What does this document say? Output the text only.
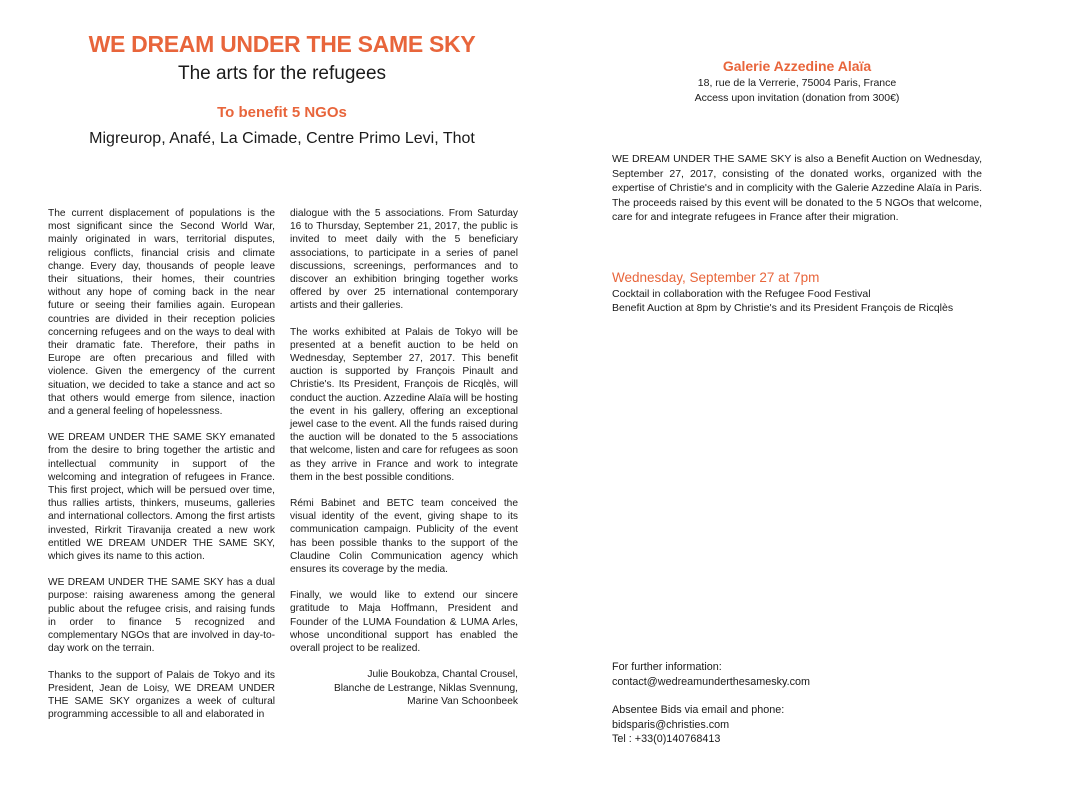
WE DREAM UNDER THE SAME SKY
The arts for the refugees
To benefit 5 NGOs
Migreurop, Anafé, La Cimade, Centre Primo Levi, Thot

The current displacement of populations is the most significant since the Second World War, mainly originated in wars, territorial disputes, religious conflicts, financial crisis and climate change. Every day, thousands of people leave their situations, their homes, their countries without any hope of coming back in the near future or seeing their families again. European countries are divided in their reception policies concerning refugees and on the ways to deal with their dramatic fate. Therefore, their paths in Europe are often precarious and filled with violence. Given the emergency of the current situation, we decided to take a stance and act so that others would emerge from silence, inaction and a general feeling of hopelessness.

WE DREAM UNDER THE SAME SKY emanated from the desire to bring together the artistic and intellectual community in support of the welcoming and integration of refugees in France. This first project, which will be persued over time, thus rallies artists, thinkers, museums, galleries and international collectors. Among the first artists invested, Rirkrit Tiravanija created a new work entitled WE DREAM UNDER THE SAME SKY, which gives its name to this action.

WE DREAM UNDER THE SAME SKY has a dual purpose: raising awareness among the general public about the refugee crisis, and raising funds in order to finance 5 recognized and complementary NGOs that are involved in day-to-day work on the terrain.

Thanks to the support of Palais de Tokyo and its President, Jean de Loisy, WE DREAM UNDER THE SAME SKY organizes a week of cultural programming accessible to all and elaborated in

dialogue with the 5 associations. From Saturday 16 to Thursday, September 21, 2017, the public is invited to meet daily with the 5 beneficiary associations, to participate in a series of panel discussions, screenings, performances and to discover an exhibition bringing together works offered by over 25 international contemporary artists and their galleries.

The works exhibited at Palais de Tokyo will be presented at a benefit auction to be held on Wednesday, September 27, 2017. This benefit auction is supported by François Pinault and Christie's. Its President, François de Ricqlès, will conduct the auction. Azzedine Alaïa will be hosting the event in his gallery, offering an exceptional jewel case to the event. All the funds raised during the auction will be donated to the 5 associations that welcome, listen and care for refugees as soon as they arrive in France and work to integrate them in the best possible conditions.

Rémi Babinet and BETC team conceived the visual identity of the event, giving shape to its communication campaign. Publicity of the event has been possible thanks to the support of the Claudine Colin Communication agency which ensures its coverage by the media.

Finally, we would like to extend our sincere gratitude to Maja Hoffmann, President and Founder of the LUMA Foundation & LUMA Arles, whose unconditional support has enabled the overall project to be realized.

Julie Boukobza, Chantal Crousel,
Blanche de Lestrange, Niklas Svennung,
Marine Van Schoonbeek
Galerie Azzedine Alaïa
18, rue de la Verrerie, 75004 Paris, France
Access upon invitation (donation from 300€)

WE DREAM UNDER THE SAME SKY is also a Benefit Auction on Wednesday, September 27, 2017, consisting of the donated works, organized with the expertise of Christie's and in complicity with the Galerie Azzedine Alaïa in Paris. The proceeds raised by this event will be donated to the 5 NGOs that welcome, care for and integrate refugees in France after their migration.

Wednesday, September 27 at 7pm
Cocktail in collaboration with the Refugee Food Festival
Benefit Auction at 8pm by Christie's and its President François de Ricqlès
For further information:
contact@wedreamunderthesamesky.com
Absentee Bids via email and phone:
bidsparis@christies.com
Tel : +33(0)140768413
